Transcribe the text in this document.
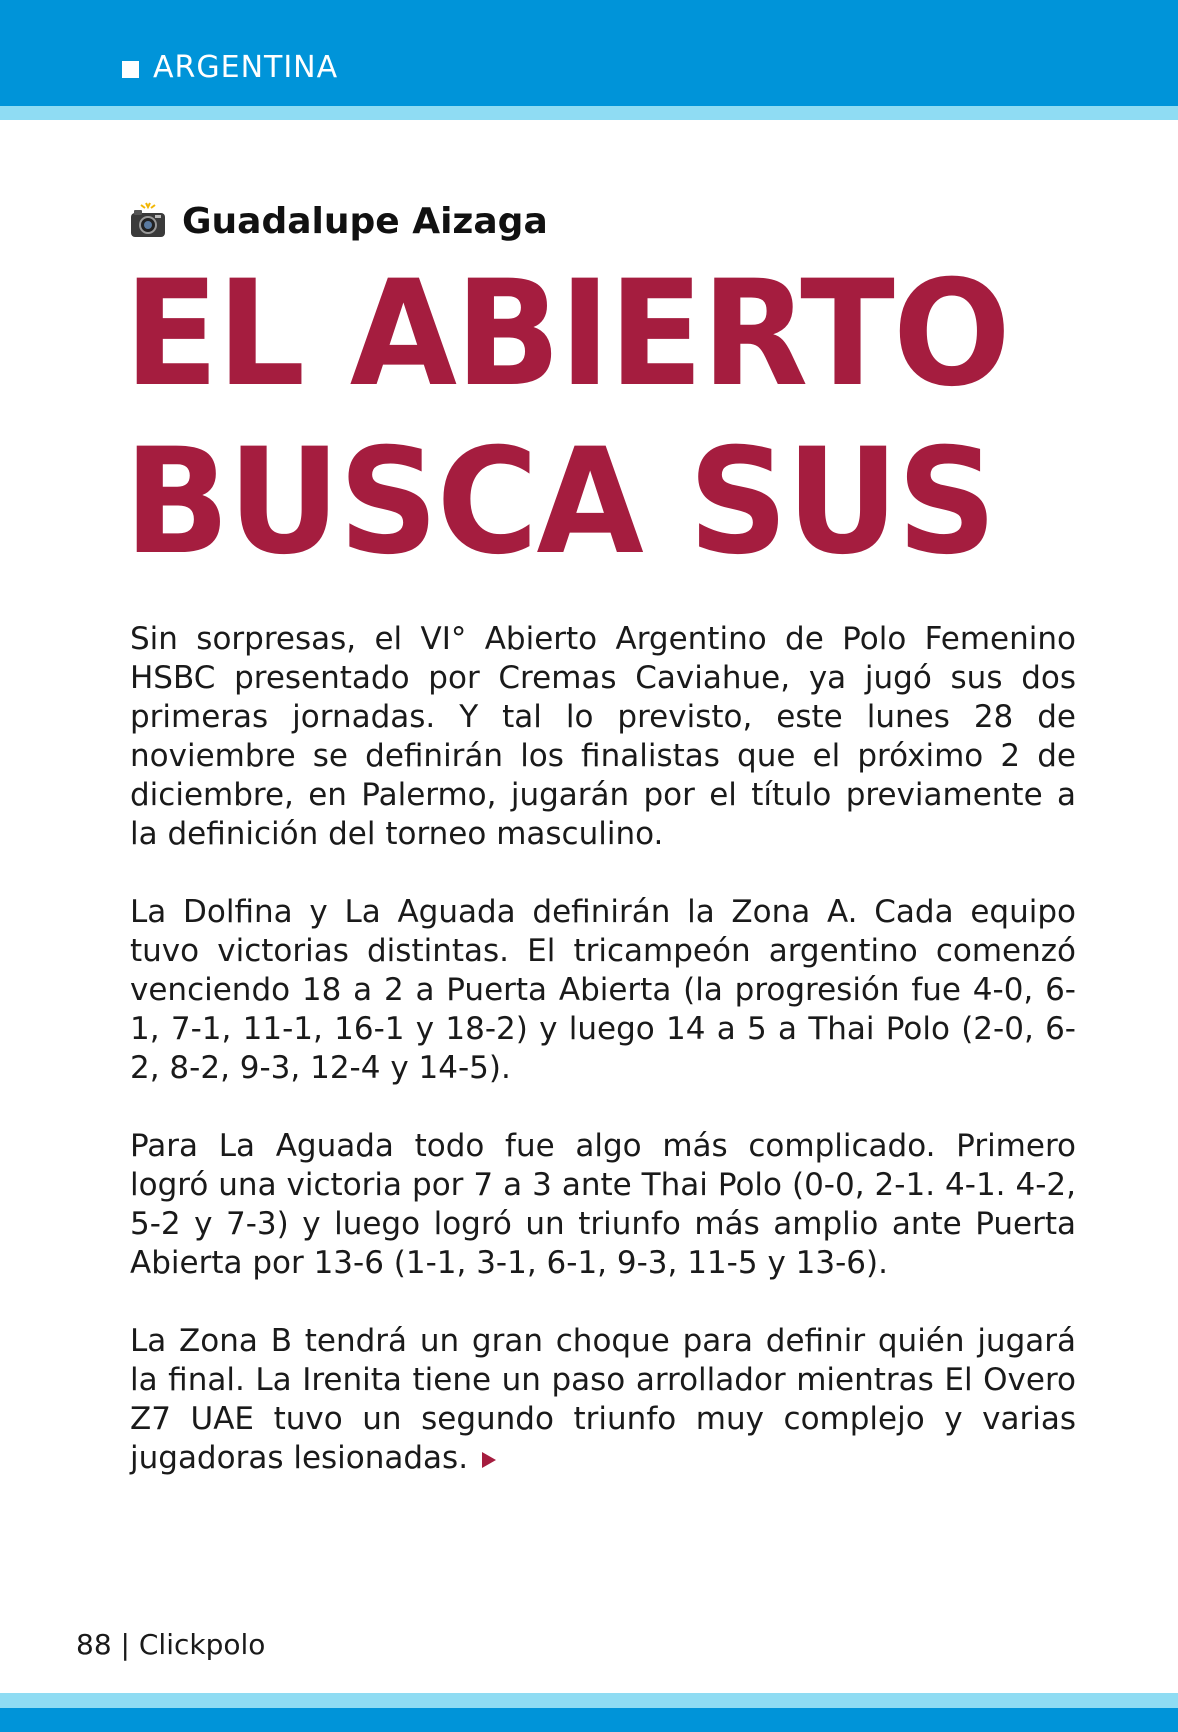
ARGENTINA
Guadalupe Aizaga
EL ABIERTO
BUSCA SUS

Sin sorpresas, el VI° Abierto Argentino de Polo Femenino HSBC presentado por Cremas Caviahue, ya jugó sus dos primeras jornadas. Y tal lo previsto, este lunes 28 de noviembre se definirán los finalistas que el próximo 2 de diciembre, en Palermo, jugarán por el título previamente a la definición del torneo masculino.

La Dolfina y La Aguada definirán la Zona A. Cada equipo tuvo victorias distintas. El tricampeón argentino comenzó venciendo 18 a 2 a Puerta Abierta (la progresión fue 4-0, 6-1, 7-1, 11-1, 16-1 y 18-2) y luego 14 a 5 a Thai Polo (2-0, 6-2, 8-2, 9-3, 12-4 y 14-5).

Para La Aguada todo fue algo más complicado. Primero logró una victoria por 7 a 3 ante Thai Polo (0-0, 2-1. 4-1. 4-2, 5-2 y 7-3) y luego logró un triunfo más amplio ante Puerta Abierta por 13-6 (1-1, 3-1, 6-1, 9-3, 11-5 y 13-6).

La Zona B tendrá un gran choque para definir quién jugará la final. La Irenita tiene un paso arrollador mientras El Overo Z7 UAE tuvo un segundo triunfo muy complejo y varias jugadoras lesionadas.

88 | Clickpolo
